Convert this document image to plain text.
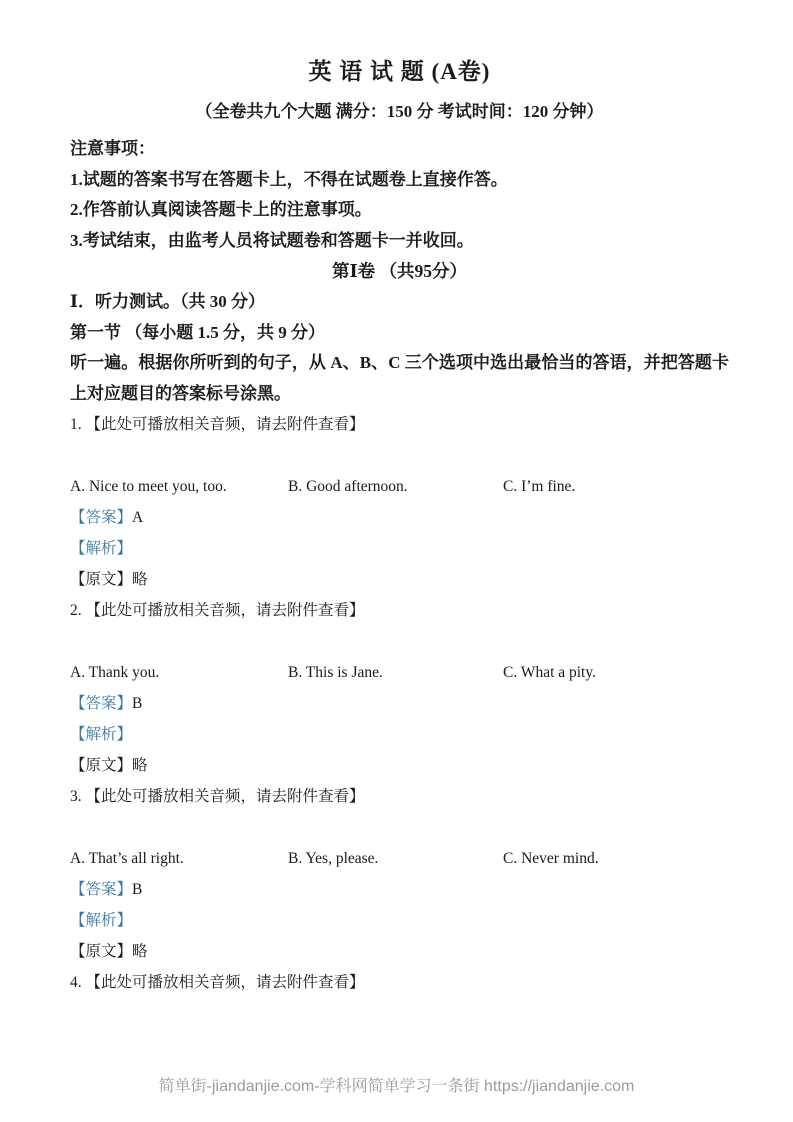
英 语 试 题 (A卷)
（全卷共九个大题 满分：150 分 考试时间：120 分钟）

注意事项：

1.试题的答案书写在答题卡上，不得在试题卷上直接作答。

2.作答前认真阅读答题卡上的注意事项。

3.考试结束，由监考人员将试题卷和答题卡一并收回。

第Ⅰ卷 （共95分）

Ⅰ．听力测试。（共 30 分）

第一节 （每小题 1.5 分，共 9 分）

听一遍。根据你所听到的句子，从 A、B、C 三个选项中选出最恰当的答语，并把答题卡上对应题目的答案标号涂黑。

1. 【此处可播放相关音频，请去附件查看】

A. Nice to meet you, too.	B. Good afternoon.	C. I’m fine.

【答案】A

【解析】

【原文】略

2. 【此处可播放相关音频，请去附件查看】

A. Thank you.	B. This is Jane.	C. What a pity.

【答案】B

【解析】

【原文】略

3. 【此处可播放相关音频，请去附件查看】

A. That’s all right.	B. Yes, please.	C. Never mind.

【答案】B

【解析】

【原文】略

4. 【此处可播放相关音频，请去附件查看】

简单街-jiandanjie.com-学科网简单学习一条街 https://jiandanjie.com
